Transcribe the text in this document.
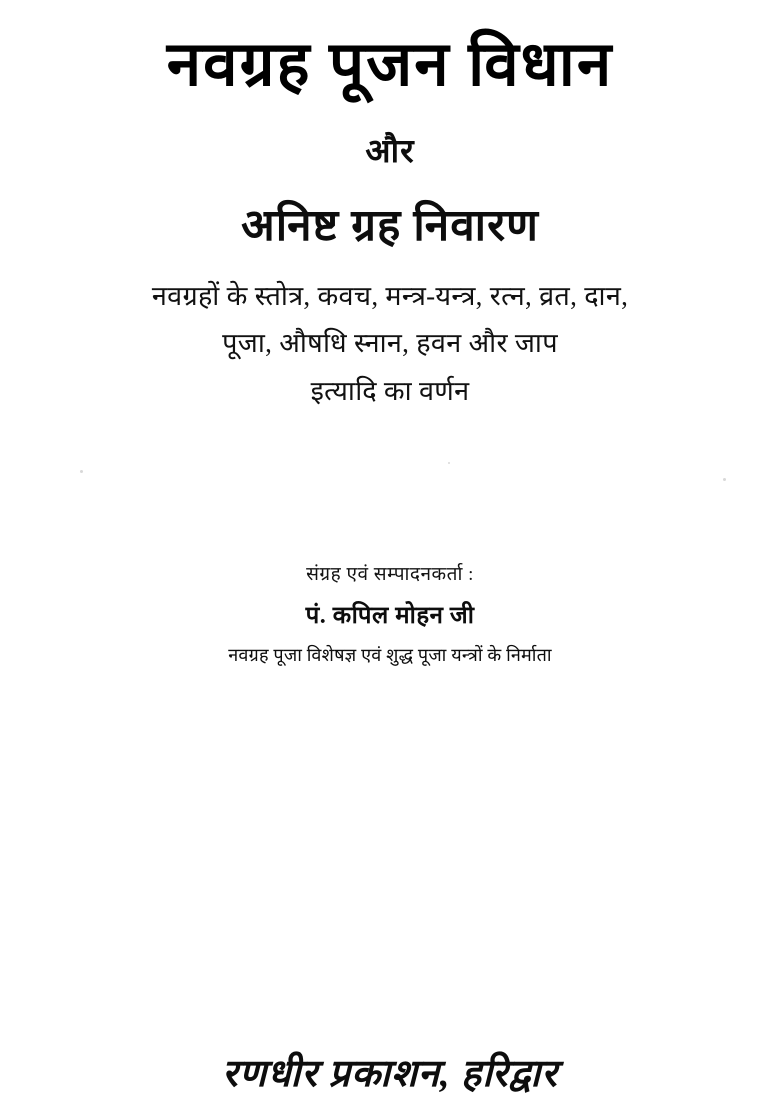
नवग्रह पूजन विधान
और
अनिष्ट ग्रह निवारण
नवग्रहों के स्तोत्र, कवच, मन्त्र-यन्त्र, रत्न, व्रत, दान,
पूजा, औषधि स्नान, हवन और जाप
इत्यादि का वर्णन
संग्रह एवं सम्पादनकर्ता :
पं. कपिल मोहन जी
नवग्रह पूजा विशेषज्ञ एवं शुद्ध पूजा यन्त्रों के निर्माता
रणधीर प्रकाशन, हरिद्वार
